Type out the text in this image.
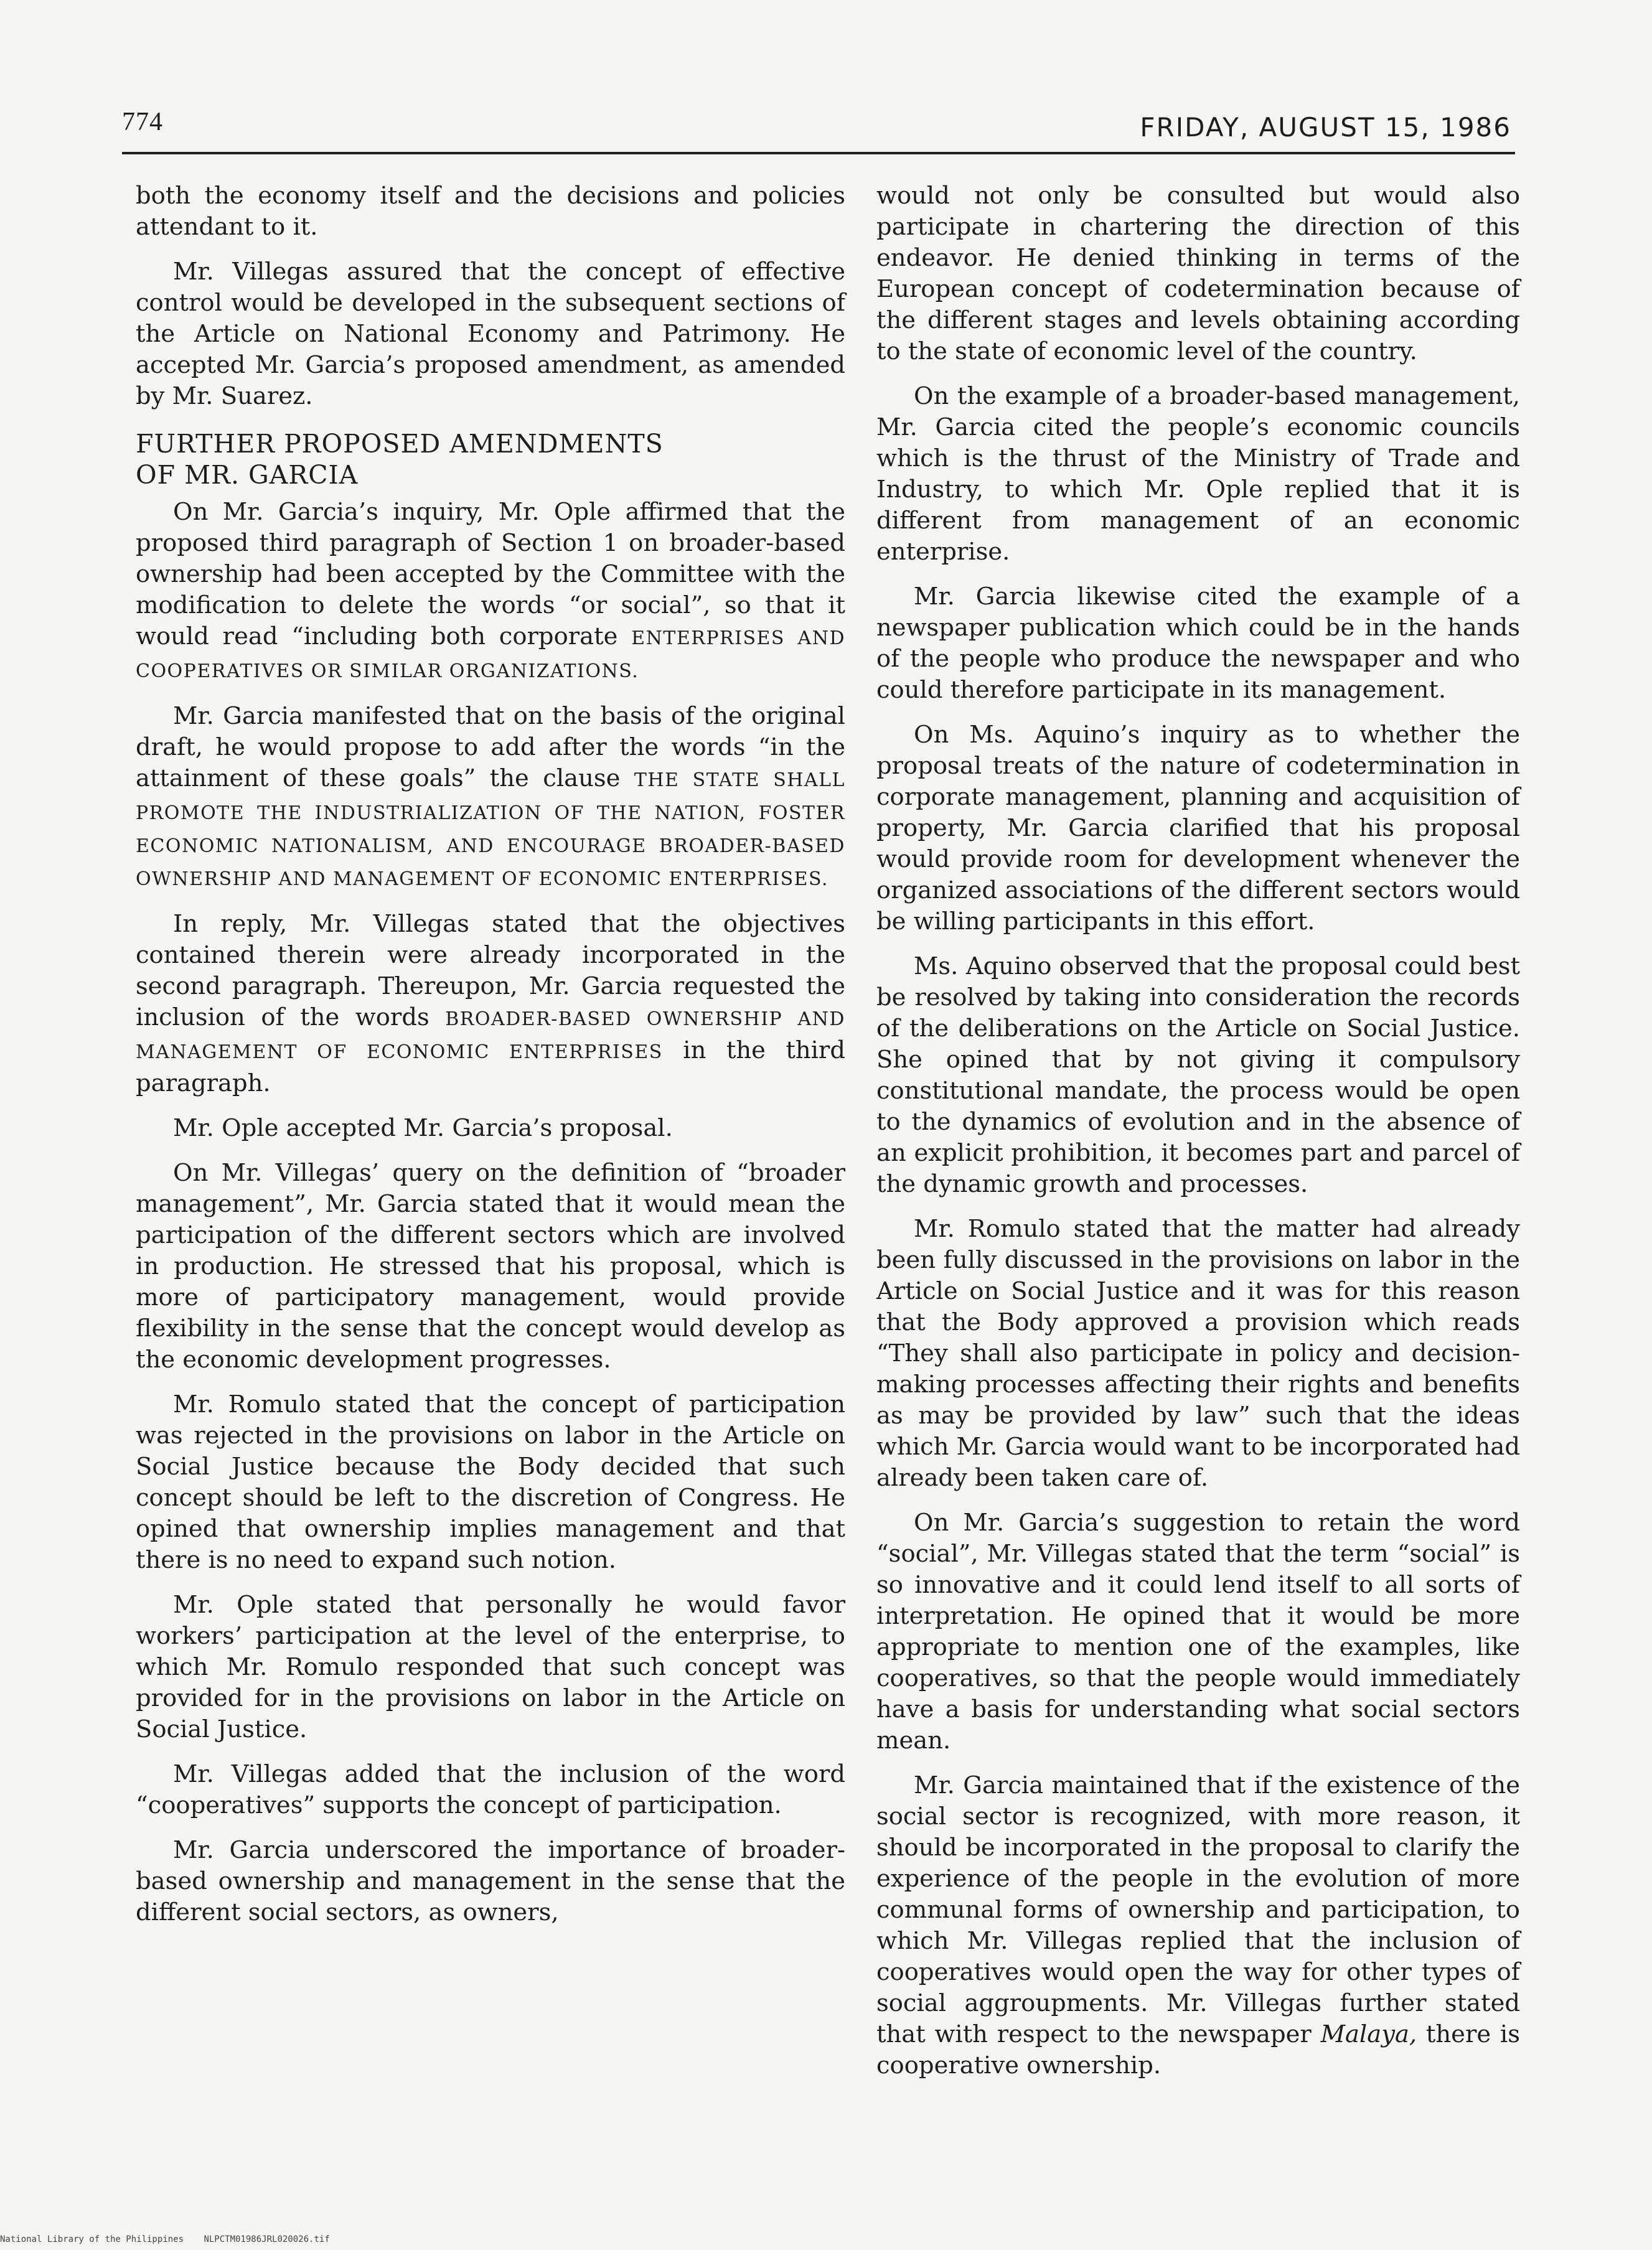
774	FRIDAY, AUGUST 15, 1986

both the economy itself and the decisions and policies attendant to it.

Mr. Villegas assured that the concept of effective control would be developed in the subsequent sections of the Article on National Economy and Patrimony. He accepted Mr. Garcia’s proposed amendment, as amended by Mr. Suarez.

FURTHER PROPOSED AMENDMENTS
OF MR. GARCIA

On Mr. Garcia’s inquiry, Mr. Ople affirmed that the proposed third paragraph of Section 1 on broader-based ownership had been accepted by the Committee with the modification to delete the words “or social”, so that it would read “including both corporate ENTERPRISES AND COOPERATIVES OR SIMILAR ORGANIZATIONS.

Mr. Garcia manifested that on the basis of the original draft, he would propose to add after the words “in the attainment of these goals” the clause THE STATE SHALL PROMOTE THE INDUSTRIALIZATION OF THE NATION, FOSTER ECONOMIC NATIONALISM, AND ENCOURAGE BROADER-BASED OWNERSHIP AND MANAGEMENT OF ECONOMIC ENTERPRISES.

In reply, Mr. Villegas stated that the objectives contained therein were already incorporated in the second paragraph. Thereupon, Mr. Garcia requested the inclusion of the words BROADER-BASED OWNERSHIP AND MANAGEMENT OF ECONOMIC ENTERPRISES in the third paragraph.

Mr. Ople accepted Mr. Garcia’s proposal.

On Mr. Villegas’ query on the definition of “broader management”, Mr. Garcia stated that it would mean the participation of the different sectors which are involved in production. He stressed that his proposal, which is more of participatory management, would provide flexibility in the sense that the concept would develop as the economic development progresses.

Mr. Romulo stated that the concept of participation was rejected in the provisions on labor in the Article on Social Justice because the Body decided that such concept should be left to the discretion of Congress. He opined that ownership implies management and that there is no need to expand such notion.

Mr. Ople stated that personally he would favor workers’ participation at the level of the enterprise, to which Mr. Romulo responded that such concept was provided for in the provisions on labor in the Article on Social Justice.

Mr. Villegas added that the inclusion of the word “cooperatives” supports the concept of participation.

Mr. Garcia underscored the importance of broader-based ownership and management in the sense that the different social sectors, as owners,

would not only be consulted but would also participate in chartering the direction of this endeavor. He denied thinking in terms of the European concept of codetermination because of the different stages and levels obtaining according to the state of economic level of the country.

On the example of a broader-based management, Mr. Garcia cited the people’s economic councils which is the thrust of the Ministry of Trade and Industry, to which Mr. Ople replied that it is different from management of an economic enterprise.

Mr. Garcia likewise cited the example of a newspaper publication which could be in the hands of the people who produce the newspaper and who could therefore participate in its management.

On Ms. Aquino’s inquiry as to whether the proposal treats of the nature of codetermination in corporate management, planning and acquisition of property, Mr. Garcia clarified that his proposal would provide room for development whenever the organized associations of the different sectors would be willing participants in this effort.

Ms. Aquino observed that the proposal could best be resolved by taking into consideration the records of the deliberations on the Article on Social Justice. She opined that by not giving it compulsory constitutional mandate, the process would be open to the dynamics of evolution and in the absence of an explicit prohibition, it becomes part and parcel of the dynamic growth and processes.

Mr. Romulo stated that the matter had already been fully discussed in the provisions on labor in the Article on Social Justice and it was for this reason that the Body approved a provision which reads “They shall also participate in policy and decision-making processes affecting their rights and benefits as may be provided by law” such that the ideas which Mr. Garcia would want to be incorporated had already been taken care of.

On Mr. Garcia’s suggestion to retain the word “social”, Mr. Villegas stated that the term “social” is so innovative and it could lend itself to all sorts of interpretation. He opined that it would be more appropriate to mention one of the examples, like cooperatives, so that the people would immediately have a basis for understanding what social sectors mean.

Mr. Garcia maintained that if the existence of the social sector is recognized, with more reason, it should be incorporated in the proposal to clarify the experience of the people in the evolution of more communal forms of ownership and participation, to which Mr. Villegas replied that the inclusion of cooperatives would open the way for other types of social aggroupments. Mr. Villegas further stated that with respect to the newspaper Malaya, there is cooperative ownership.

National Library of the Philippines NLPCTM01986JRL020026.tif
